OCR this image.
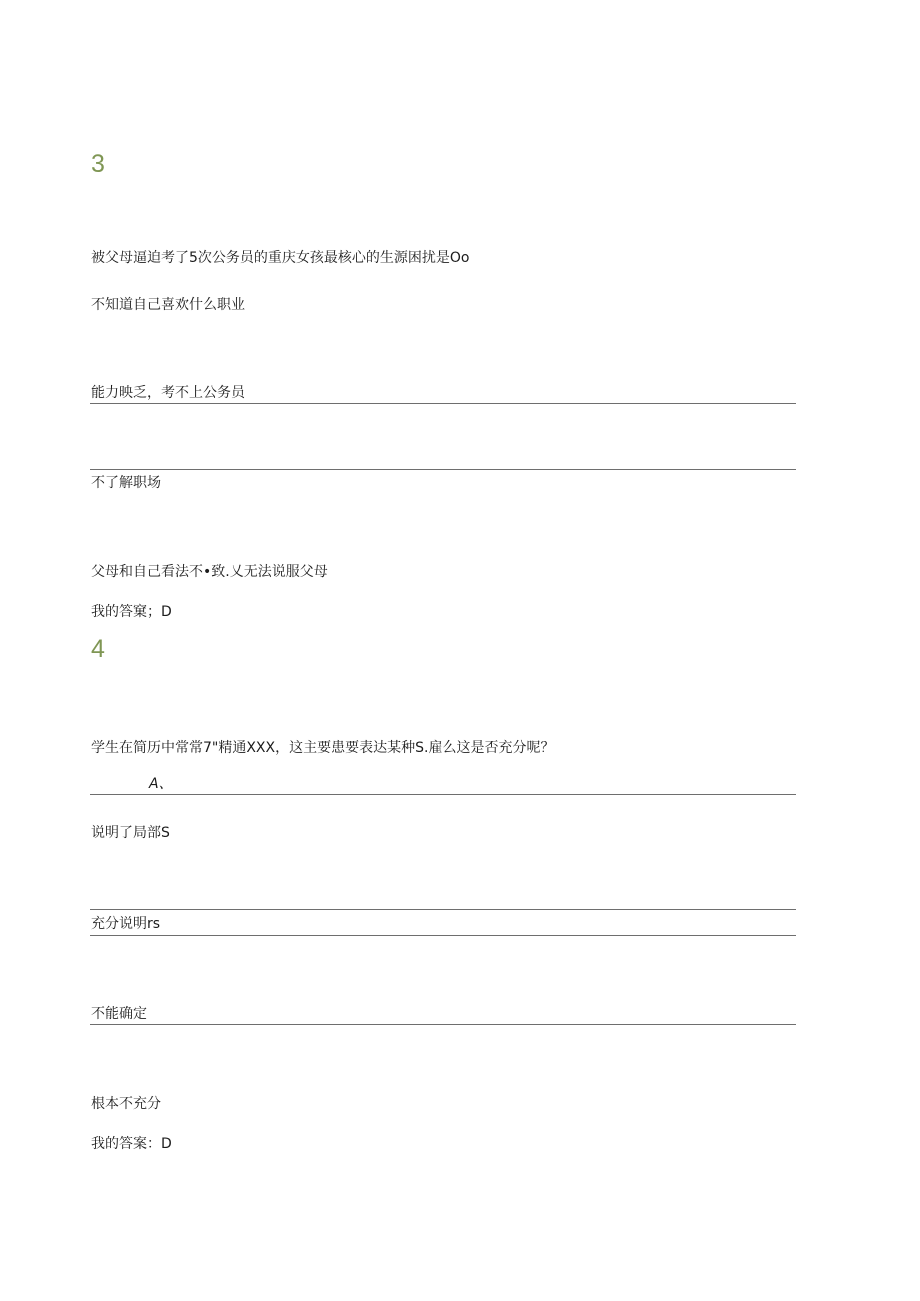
3
被父母逼迫考了5次公务员的重庆女孩最核心的生源困扰是Oo
不知道自己喜欢什么职业
能力映乏，考不上公务员
不了解职场
父母和自己看法不•致.乂无法说服父母
我的答窠；D
4
学生在简历中常常7"精通XXX，这主要患要表达某种S.雇么这是否充分呢？
A、
说明了局部S
充分说明rs
不能确定
根本不充分
我的答案：D
